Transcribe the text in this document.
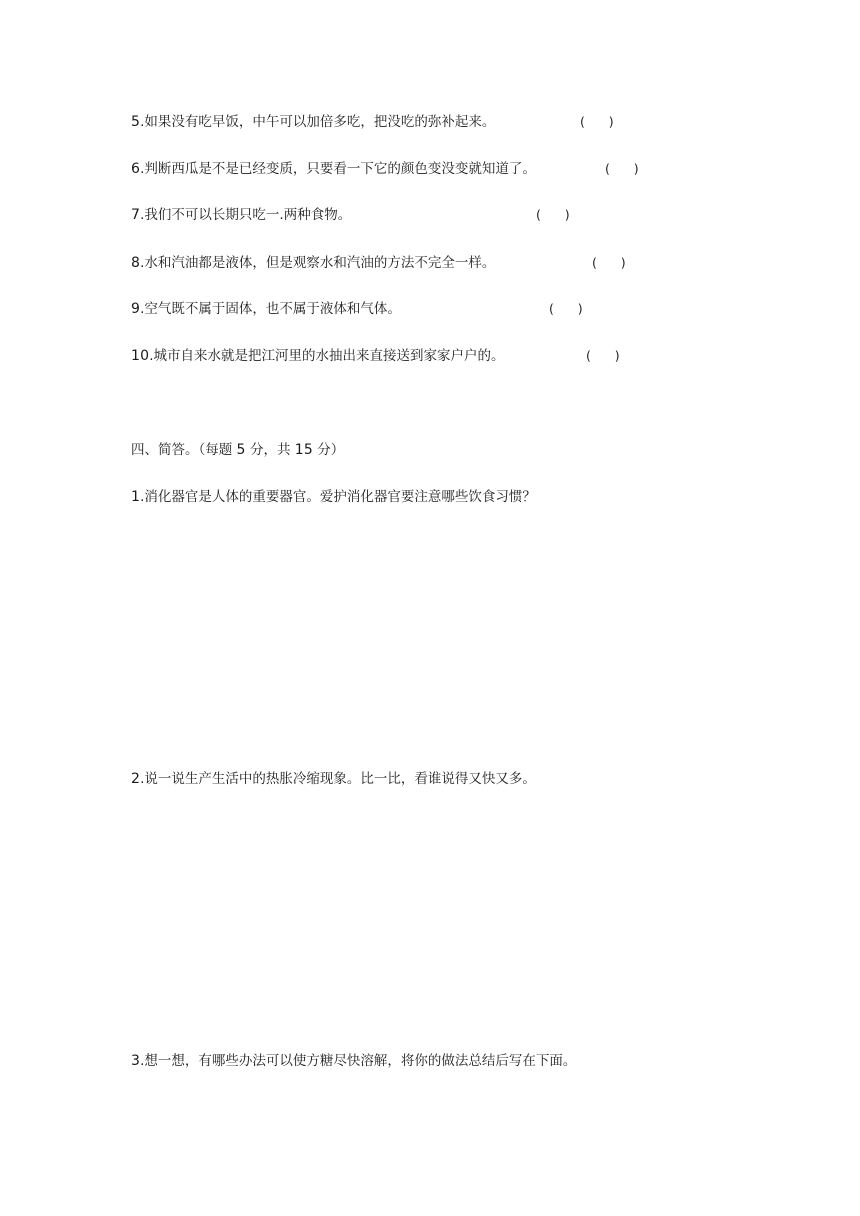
5.如果没有吃早饭，中午可以加倍多吃，把没吃的弥补起来。	(      )
6.判断西瓜是不是已经变质，只要看一下它的颜色变没变就知道了。	(      )
7.我们不可以长期只吃一.两种食物。	(      )
8.水和汽油都是液体，但是观察水和汽油的方法不完全一样。	(      )
9.空气既不属于固体，也不属于液体和气体。	(      )
10.城市自来水就是把江河里的水抽出来直接送到家家户户的。	(      )
四、简答。（每题 5 分，共 15 分）
1.消化器官是人体的重要器官。爱护消化器官要注意哪些饮食习惯？
2.说一说生产生活中的热胀冷缩现象。比一比，看谁说得又快又多。
3.想一想，有哪些办法可以使方糖尽快溶解，将你的做法总结后写在下面。
